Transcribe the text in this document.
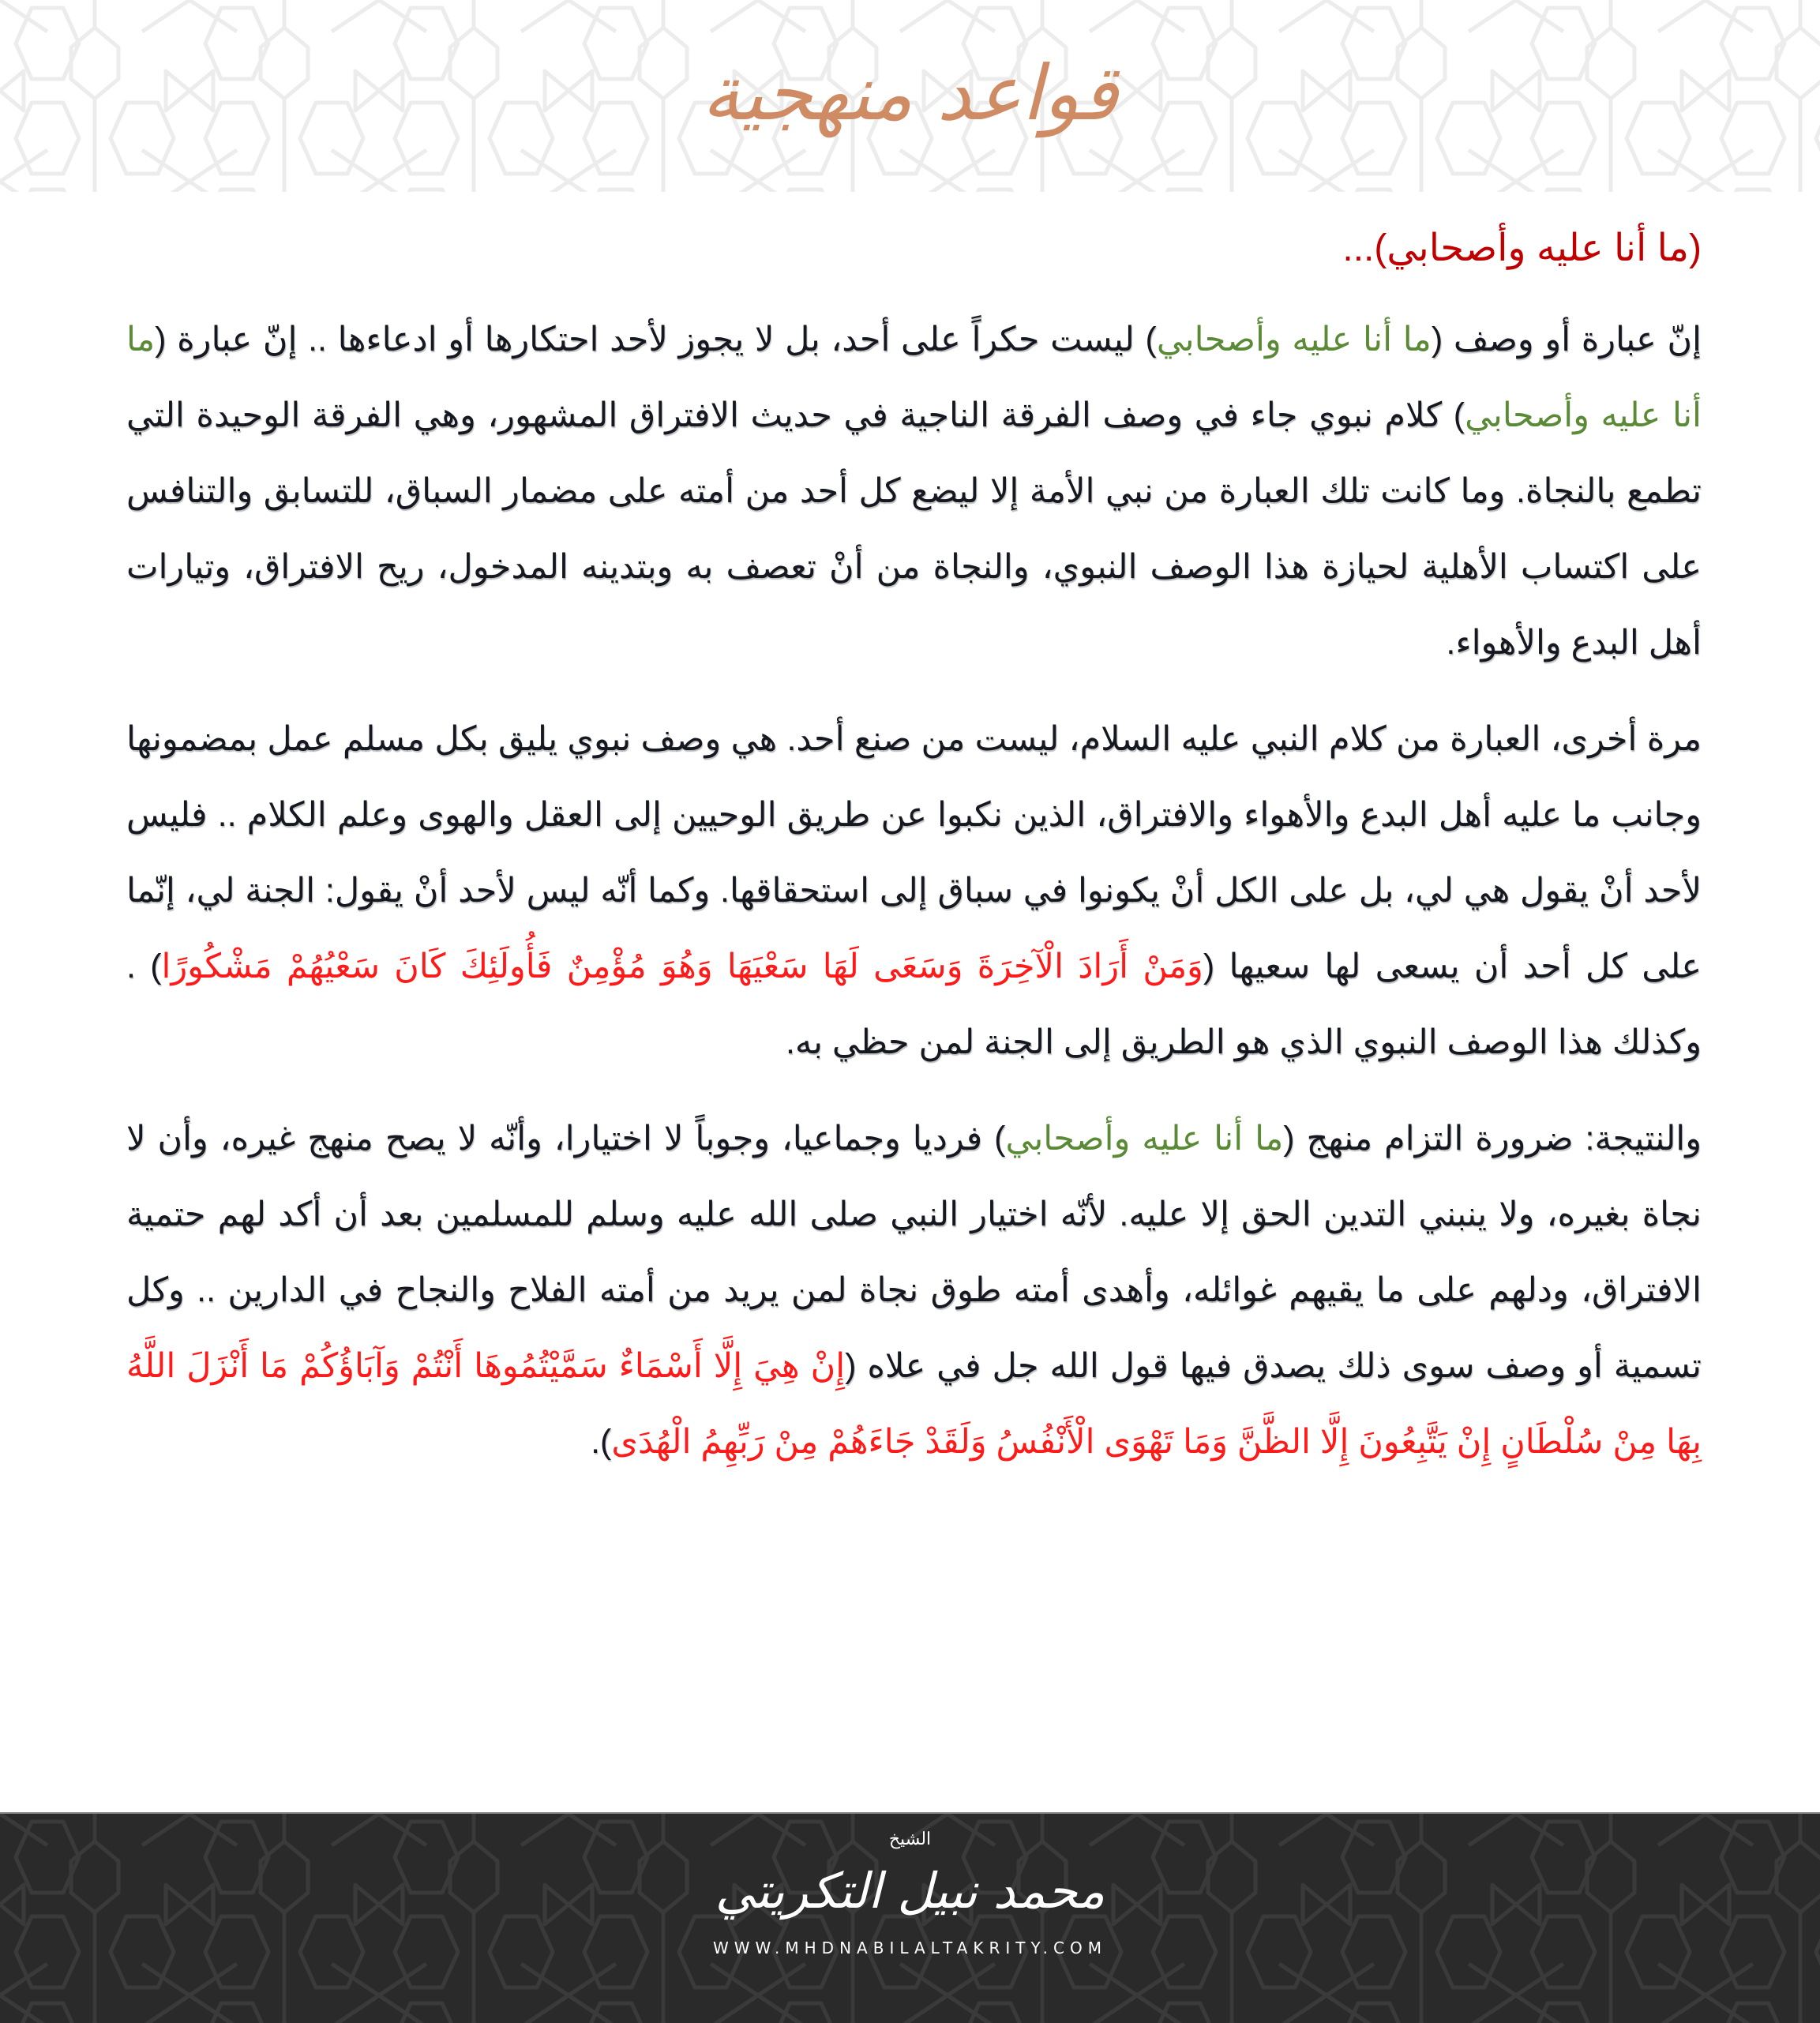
قواعد منهجية
(ما أنا عليه وأصحابي)...

إنّ عبارة أو وصف (ما أنا عليه وأصحابي) ليست حكراً على أحد، بل لا يجوز لأحد احتكارها أو ادعاءها .. إنّ عبارة (ما أنا عليه وأصحابي) كلام نبوي جاء في وصف الفرقة الناجية في حديث الافتراق المشهور، وهي الفرقة الوحيدة التي تطمع بالنجاة. وما كانت تلك العبارة من نبي الأمة إلا ليضع كل أحد من أمته على مضمار السباق، للتسابق والتنافس على اكتساب الأهلية لحيازة هذا الوصف النبوي، والنجاة من أنْ تعصف به وبتدينه المدخول، ريح الافتراق، وتيارات أهل البدع والأهواء.

مرة أخرى، العبارة من كلام النبي عليه السلام، ليست من صنع أحد. هي وصف نبوي يليق بكل مسلم عمل بمضمونها وجانب ما عليه أهل البدع والأهواء والافتراق، الذين نكبوا عن طريق الوحيين إلى العقل والهوى وعلم الكلام .. فليس لأحد أنْ يقول هي لي، بل على الكل أنْ يكونوا في سباق إلى استحقاقها. وكما أنّه ليس لأحد أنْ يقول: الجنة لي، إنّما على كل أحد أن يسعى لها سعيها (وَمَنْ أَرَادَ الْآخِرَةَ وَسَعَى لَهَا سَعْيَهَا وَهُوَ مُؤْمِنٌ فَأُولَئِكَ كَانَ سَعْيُهُمْ مَشْكُورًا) . وكذلك هذا الوصف النبوي الذي هو الطريق إلى الجنة لمن حظي به.

والنتيجة: ضرورة التزام منهج (ما أنا عليه وأصحابي) فرديا وجماعيا، وجوباً لا اختيارا، وأنّه لا يصح منهج غيره، وأن لا نجاة بغيره، ولا ينبني التدين الحق إلا عليه. لأنّه اختيار النبي صلى الله عليه وسلم للمسلمين بعد أن أكد لهم حتمية الافتراق، ودلهم على ما يقيهم غوائله، وأهدى أمته طوق نجاة لمن يريد من أمته الفلاح والنجاح في الدارين .. وكل تسمية أو وصف سوى ذلك يصدق فيها قول الله جل في علاه (إِنْ هِيَ إِلَّا أَسْمَاءٌ سَمَّيْتُمُوهَا أَنْتُمْ وَآبَاؤُكُمْ مَا أَنْزَلَ اللَّهُ بِهَا مِنْ سُلْطَانٍ إِنْ يَتَّبِعُونَ إِلَّا الظَّنَّ وَمَا تَهْوَى الْأَنْفُسُ وَلَقَدْ جَاءَهُمْ مِنْ رَبِّهِمُ الْهُدَى).

الشيخ
محمد نبيل التكريتي
WWW.MHDNABILALTAKRITY.COM
